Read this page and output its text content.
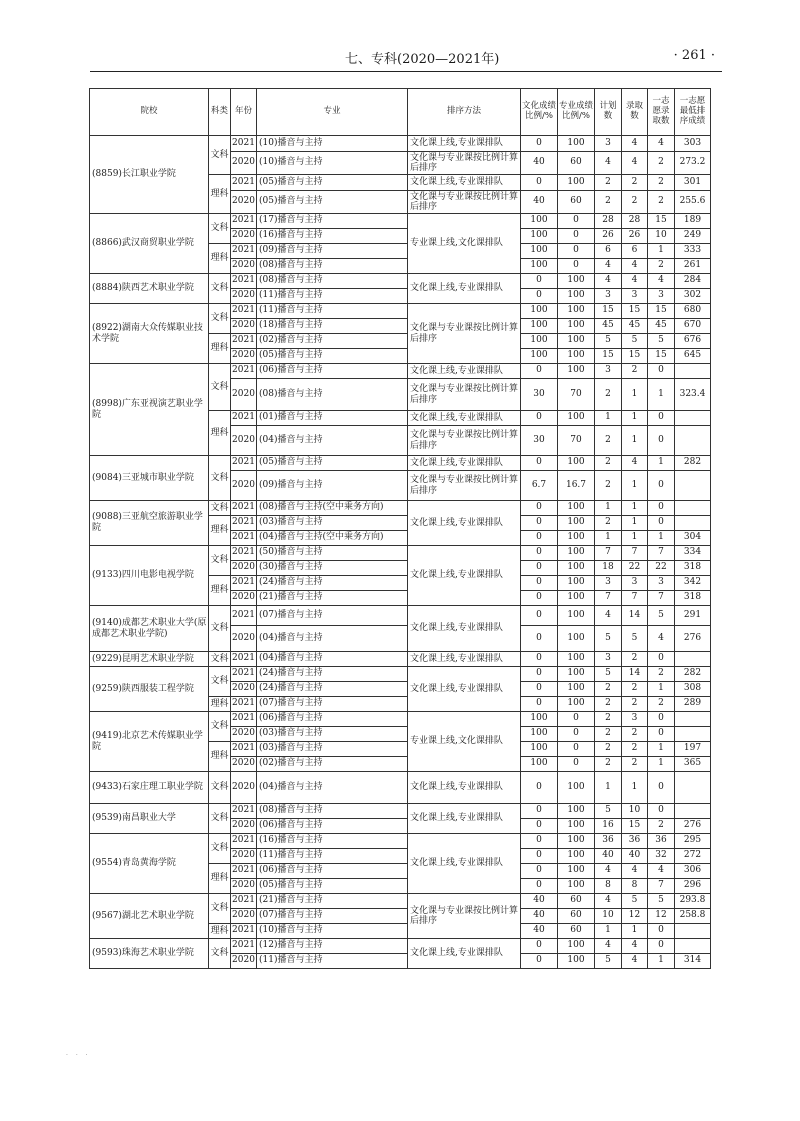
七、专科(2020—2021年)	· 261 ·
院校	科类	年份	专业	排序方法	文化成绩比例/%	专业成绩比例/%	计划数	录取数	一志愿录取数	一志愿最低排序成绩
(8859)长江职业学院	文科	2021	(10)播音与主持	文化课上线,专业课排队	0	100	3	4	4	303
		2020	(10)播音与主持	文化课与专业课按比例计算后排序	40	60	4	4	2	273.2
	理科	2021	(05)播音与主持	文化课上线,专业课排队	0	100	2	2	2	301
		2020	(05)播音与主持	文化课与专业课按比例计算后排序	40	60	2	2	2	255.6
(8866)武汉商贸职业学院	文科	2021	(17)播音与主持	专业课上线,文化课排队	100	0	28	28	15	189
		2020	(16)播音与主持		100	0	26	26	10	249
	理科	2021	(09)播音与主持		100	0	6	6	1	333
		2020	(08)播音与主持		100	0	4	4	2	261
(8884)陕西艺术职业学院	文科	2021	(08)播音与主持	文化课上线,专业课排队	0	100	4	4	4	284
		2020	(11)播音与主持		0	100	3	3	3	302
(8922)湖南大众传媒职业技术学院	文科	2021	(11)播音与主持	文化课与专业课按比例计算后排序	100	100	15	15	15	680
		2020	(18)播音与主持		100	100	45	45	45	670
	理科	2021	(02)播音与主持		100	100	5	5	5	676
		2020	(05)播音与主持		100	100	15	15	15	645
(8998)广东亚视演艺职业学院	文科	2021	(06)播音与主持	文化课上线,专业课排队	0	100	3	2	0	
		2020	(08)播音与主持	文化课与专业课按比例计算后排序	30	70	2	1	1	323.4
	理科	2021	(01)播音与主持	文化课上线,专业课排队	0	100	1	1	0	
		2020	(04)播音与主持	文化课与专业课按比例计算后排序	30	70	2	1	0	
(9084)三亚城市职业学院	文科	2021	(05)播音与主持	文化课上线,专业课排队	0	100	2	4	1	282
		2020	(09)播音与主持	文化课与专业课按比例计算后排序	6.7	16.7	2	1	0	
(9088)三亚航空旅游职业学院	文科	2021	(08)播音与主持(空中乘务方向)	文化课上线,专业课排队	0	100	1	1	0	
	理科	2021	(03)播音与主持		0	100	2	1	0	
		2021	(04)播音与主持(空中乘务方向)		0	100	1	1	1	304
(9133)四川电影电视学院	文科	2021	(50)播音与主持	文化课上线,专业课排队	0	100	7	7	7	334
		2020	(30)播音与主持		0	100	18	22	22	318
	理科	2021	(24)播音与主持		0	100	3	3	3	342
		2020	(21)播音与主持		0	100	7	7	7	318
(9140)成都艺术职业大学(原成都艺术职业学院)	文科	2021	(07)播音与主持	文化课上线,专业课排队	0	100	4	14	5	291
		2020	(04)播音与主持		0	100	5	5	4	276
(9229)昆明艺术职业学院	文科	2021	(04)播音与主持	文化课上线,专业课排队	0	100	3	2	0	
(9259)陕西服装工程学院	文科	2021	(24)播音与主持	文化课上线,专业课排队	0	100	5	14	2	282
		2020	(24)播音与主持		0	100	2	2	1	308
	理科	2021	(07)播音与主持		0	100	2	2	2	289
(9419)北京艺术传媒职业学院	文科	2021	(06)播音与主持	专业课上线,文化课排队	100	0	2	3	0	
		2020	(03)播音与主持		100	0	2	2	0	
	理科	2021	(03)播音与主持		100	0	2	2	1	197
		2020	(02)播音与主持		100	0	2	2	1	365
(9433)石家庄理工职业学院	文科	2020	(04)播音与主持	文化课上线,专业课排队	0	100	1	1	0	
(9539)南昌职业大学	文科	2021	(08)播音与主持	文化课上线,专业课排队	0	100	5	10	0	
		2020	(06)播音与主持		0	100	16	15	2	276
(9554)青岛黄海学院	文科	2021	(16)播音与主持	文化课上线,专业课排队	0	100	36	36	36	295
		2020	(11)播音与主持		0	100	40	40	32	272
	理科	2021	(06)播音与主持		0	100	4	4	4	306
		2020	(05)播音与主持		0	100	8	8	7	296
(9567)湖北艺术职业学院	文科	2021	(21)播音与主持	文化课与专业课按比例计算后排序	40	60	4	5	5	293.8
		2020	(07)播音与主持		40	60	10	12	12	258.8
	理科	2021	(10)播音与主持		40	60	1	1	0	
(9593)珠海艺术职业学院	文科	2021	(12)播音与主持	文化课上线,专业课排队	0	100	4	4	0	
		2020	(11)播音与主持		0	100	5	4	1	314
. . .
